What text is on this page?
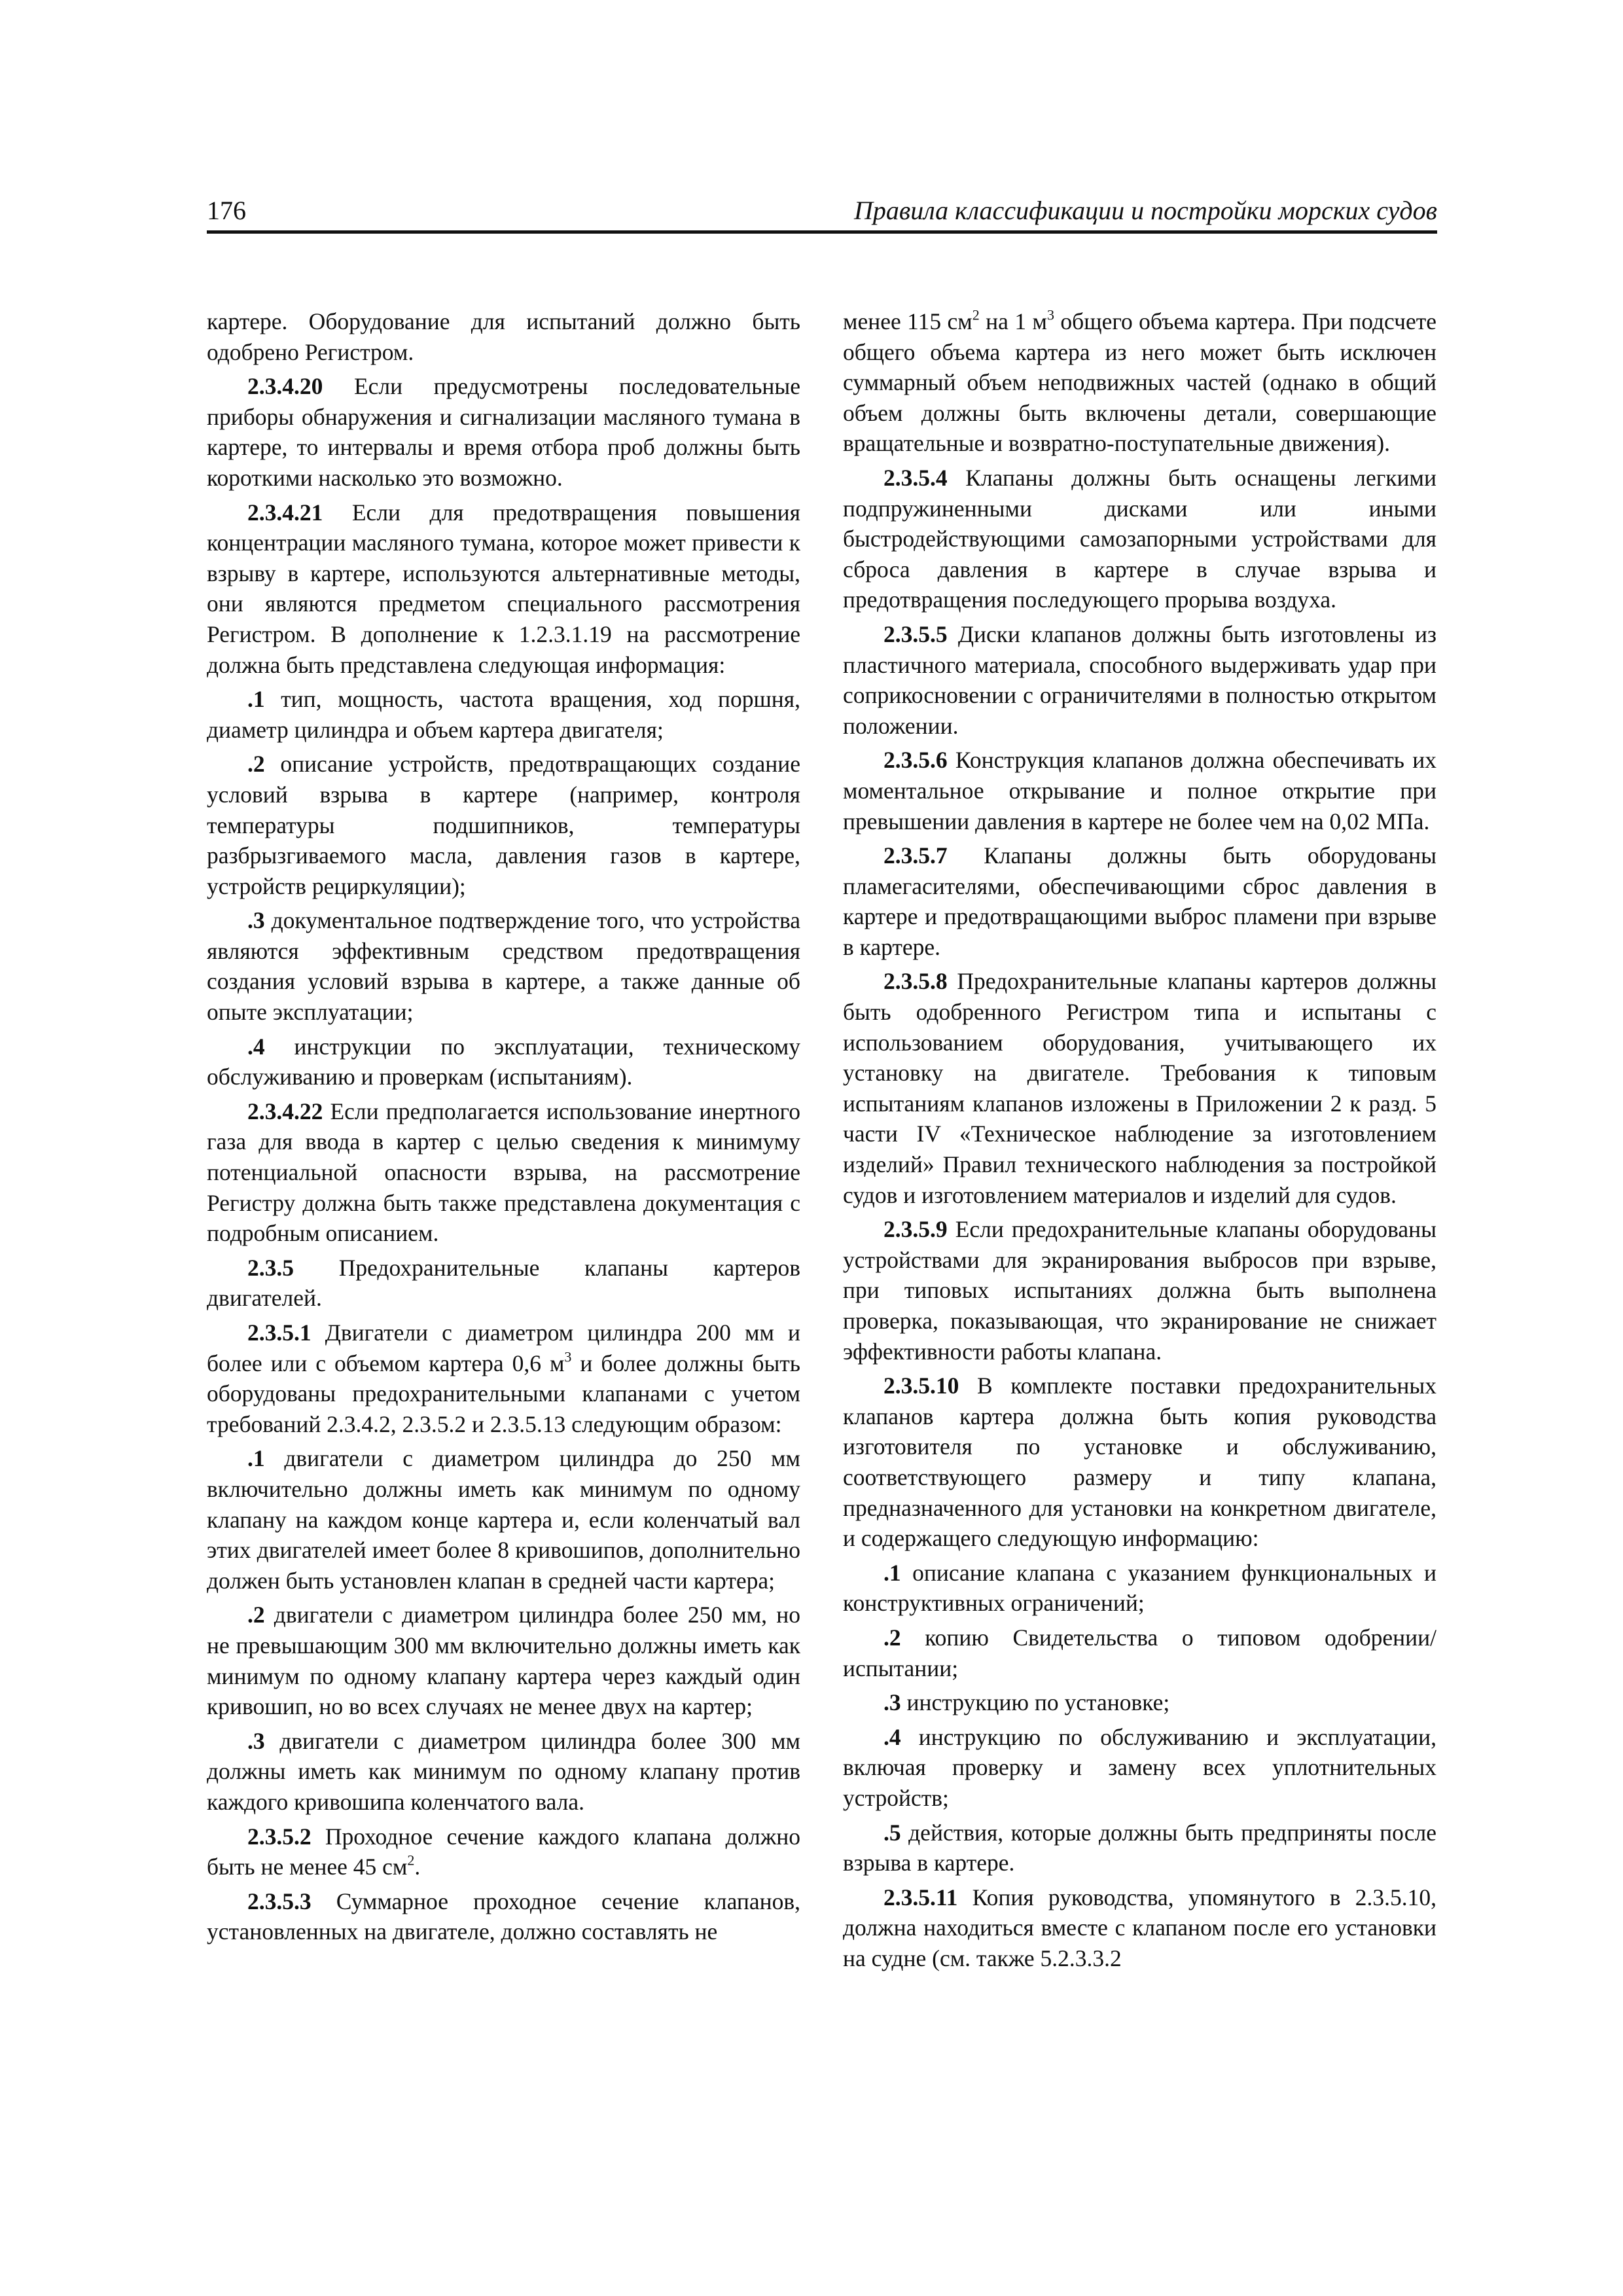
176	Правила классификации и постройки морских судов

картере. Оборудование для испытаний должно быть одобрено Регистром.

2.3.4.20 Если предусмотрены последовательные приборы обнаружения и сигнализации масляного тумана в картере, то интервалы и время отбора проб должны быть короткими насколько это возможно.

2.3.4.21 Если для предотвращения повышения концентрации масляного тумана, которое может привести к взрыву в картере, используются альтернативные методы, они являются предметом специального рассмотрения Регистром. В дополнение к 1.2.3.1.19 на рассмотрение должна быть представлена следующая информация:

.1 тип, мощность, частота вращения, ход поршня, диаметр цилиндра и объем картера двигателя;

.2 описание устройств, предотвращающих создание условий взрыва в картере (например, контроля температуры подшипников, температуры разбрызгиваемого масла, давления газов в картере, устройств рециркуляции);

.3 документальное подтверждение того, что устройства являются эффективным средством предотвращения создания условий взрыва в картере, а также данные об опыте эксплуатации;

.4 инструкции по эксплуатации, техническому обслуживанию и проверкам (испытаниям).

2.3.4.22 Если предполагается использование инертного газа для ввода в картер с целью сведения к минимуму потенциальной опасности взрыва, на рассмотрение Регистру должна быть также представлена документация с подробным описанием.

2.3.5 Предохранительные клапаны картеров двигателей.

2.3.5.1 Двигатели с диаметром цилиндра 200 мм и более или с объемом картера 0,6 $м^3$ и более должны быть оборудованы предохранительными клапанами с учетом требований 2.3.4.2, 2.3.5.2 и 2.3.5.13 следующим образом:

.1 двигатели с диаметром цилиндра до 250 мм включительно должны иметь как минимум по одному клапану на каждом конце картера и, если коленчатый вал этих двигателей имеет более 8 кривошипов, дополнительно должен быть установлен клапан в средней части картера;

.2 двигатели с диаметром цилиндра более 250 мм, но не превышающим 300 мм включительно должны иметь как минимум по одному клапану картера через каждый один кривошип, но во всех случаях не менее двух на картер;

.3 двигатели с диаметром цилиндра более 300 мм должны иметь как минимум по одному клапану против каждого кривошипа коленчатого вала.

2.3.5.2 Проходное сечение каждого клапана должно быть не менее 45 $см^2$.

2.3.5.3 Суммарное проходное сечение клапанов, установленных на двигателе, должно составлять не

менее 115 $см^2$ на 1 $м^3$ общего объема картера. При подсчете общего объема картера из него может быть исключен суммарный объем неподвижных частей (однако в общий объем должны быть включены детали, совершающие вращательные и возвратно-поступательные движения).

2.3.5.4 Клапаны должны быть оснащены легкими подпружиненными дисками или иными быстродействующими самозапорными устройствами для сброса давления в картере в случае взрыва и предотвращения последующего прорыва воздуха.

2.3.5.5 Диски клапанов должны быть изготовлены из пластичного материала, способного выдерживать удар при соприкосновении с ограничителями в полностью открытом положении.

2.3.5.6 Конструкция клапанов должна обеспечивать их моментальное открывание и полное открытие при превышении давления в картере не более чем на 0,02 МПа.

2.3.5.7 Клапаны должны быть оборудованы пламегасителями, обеспечивающими сброс давления в картере и предотвращающими выброс пламени при взрыве в картере.

2.3.5.8 Предохранительные клапаны картеров должны быть одобренного Регистром типа и испытаны с использованием оборудования, учитывающего их установку на двигателе. Требования к типовым испытаниям клапанов изложены в Приложении 2 к разд. 5 части IV «Техническое наблюдение за изготовлением изделий» Правил технического наблюдения за постройкой судов и изготовлением материалов и изделий для судов.

2.3.5.9 Если предохранительные клапаны оборудованы устройствами для экранирования выбросов при взрыве, при типовых испытаниях должна быть выполнена проверка, показывающая, что экранирование не снижает эффективности работы клапана.

2.3.5.10 В комплекте поставки предохранительных клапанов картера должна быть копия руководства изготовителя по установке и обслуживанию, соответствующего размеру и типу клапана, предназначенного для установки на конкретном двигателе, и содержащего следующую информацию:

.1 описание клапана с указанием функциональных и конструктивных ограничений;

.2 копию Свидетельства о типовом одобрении/испытании;

.3 инструкцию по установке;

.4 инструкцию по обслуживанию и эксплуатации, включая проверку и замену всех уплотнительных устройств;

.5 действия, которые должны быть предприняты после взрыва в картере.

2.3.5.11 Копия руководства, упомянутого в 2.3.5.10, должна находиться вместе с клапаном после его установки на судне (см. также 5.2.3.3.2
